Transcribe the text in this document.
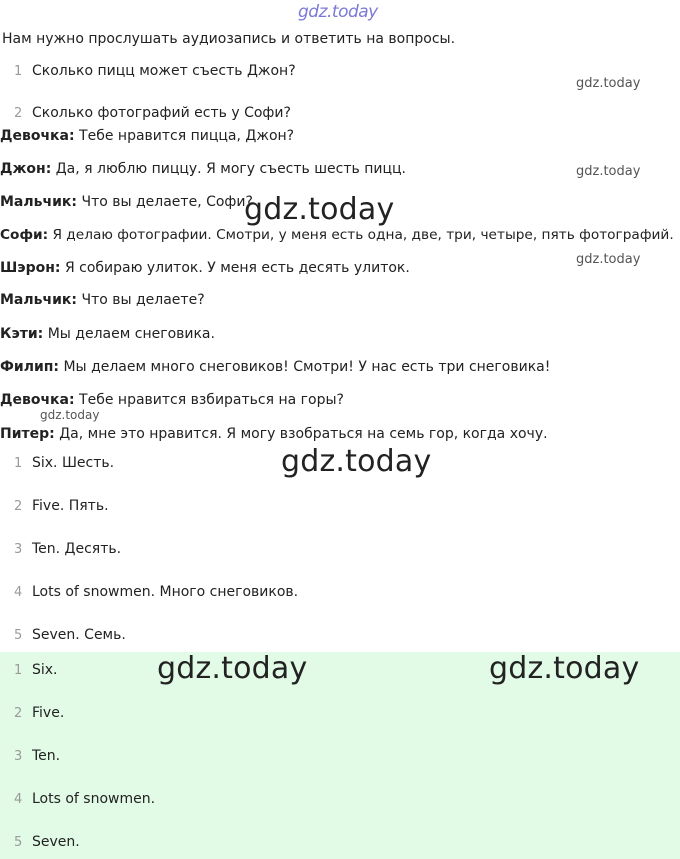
gdz.today
Нам нужно прослушать аудиозапись и ответить на вопросы.
1 Сколько пицц может съесть Джон?
2 Сколько фотографий есть у Софи?
Девочка: Тебе нравится пицца, Джон?
Джон: Да, я люблю пиццу. Я могу съесть шесть пицц.
Мальчик: Что вы делаете, Софи?
Софи: Я делаю фотографии. Смотри, у меня есть одна, две, три, четыре, пять фотографий.
Шэрон: Я собираю улиток. У меня есть десять улиток.
Мальчик: Что вы делаете?
Кэти: Мы делаем снеговика.
Филип: Мы делаем много снеговиков! Смотри! У нас есть три снеговика!
Девочка: Тебе нравится взбираться на горы?
Питер: Да, мне это нравится. Я могу взобраться на семь гор, когда хочу.
1 Six. Шесть.
2 Five. Пять.
3 Ten. Десять.
4 Lots of snowmen. Много снеговиков.
5 Seven. Семь.
1 Six.
2 Five.
3 Ten.
4 Lots of snowmen.
5 Seven.
gdz.today
gdz.today
gdz.today
gdz.today
gdz.today
gdz.today
gdz.today	gdz.today
